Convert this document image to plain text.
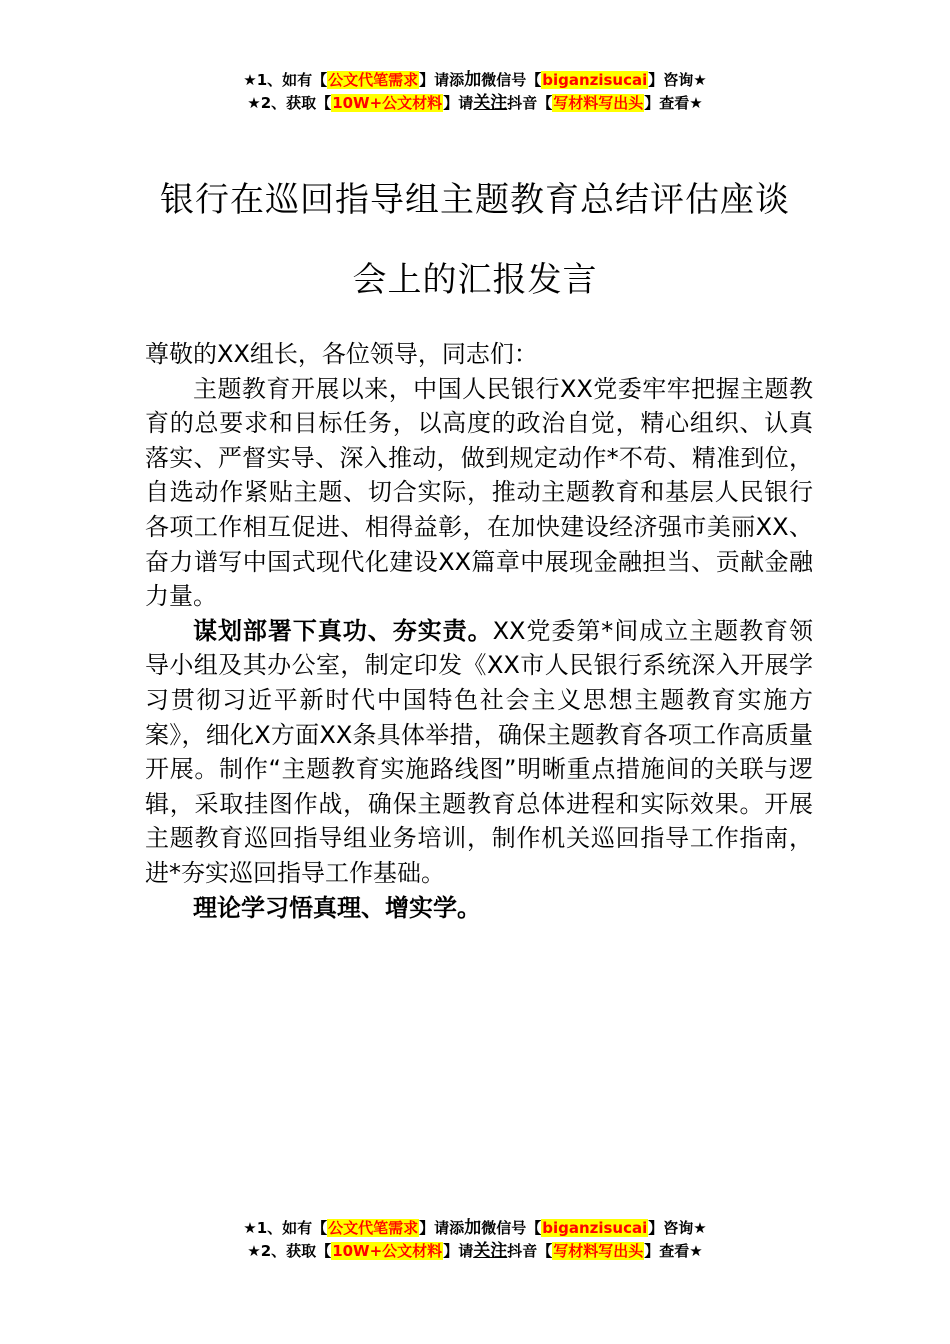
★1、如有【公文代笔需求】请添加微信号【biganzisucai】咨询★
★2、获取【10W+公文材料】请关注抖音【写材料写出头】查看★
银行在巡回指导组主题教育总结评估座谈
会上的汇报发言

尊敬的XX组长，各位领导，同志们：

主题教育开展以来，中国人民银行XX党委牢牢把握主题教育的总要求和目标任务，以高度的政治自觉，精心组织、认真落实、严督实导、深入推动，做到规定动作*不苟、精准到位，自选动作紧贴主题、切合实际，推动主题教育和基层人民银行各项工作相互促进、相得益彰，在加快建设经济强市美丽XX、奋力谱写中国式现代化建设XX篇章中展现金融担当、贡献金融力量。

谋划部署下真功、夯实责。XX党委第*间成立主题教育领导小组及其办公室，制定印发《XX市人民银行系统深入开展学习贯彻习近平新时代中国特色社会主义思想主题教育实施方案》，细化X方面XX条具体举措，确保主题教育各项工作高质量开展。制作“主题教育实施路线图”明晰重点措施间的关联与逻辑，采取挂图作战，确保主题教育总体进程和实际效果。开展主题教育巡回指导组业务培训，制作机关巡回指导工作指南，进*夯实巡回指导工作基础。

理论学习悟真理、增实学。

★1、如有【公文代笔需求】请添加微信号【biganzisucai】咨询★
★2、获取【10W+公文材料】请关注抖音【写材料写出头】查看★
